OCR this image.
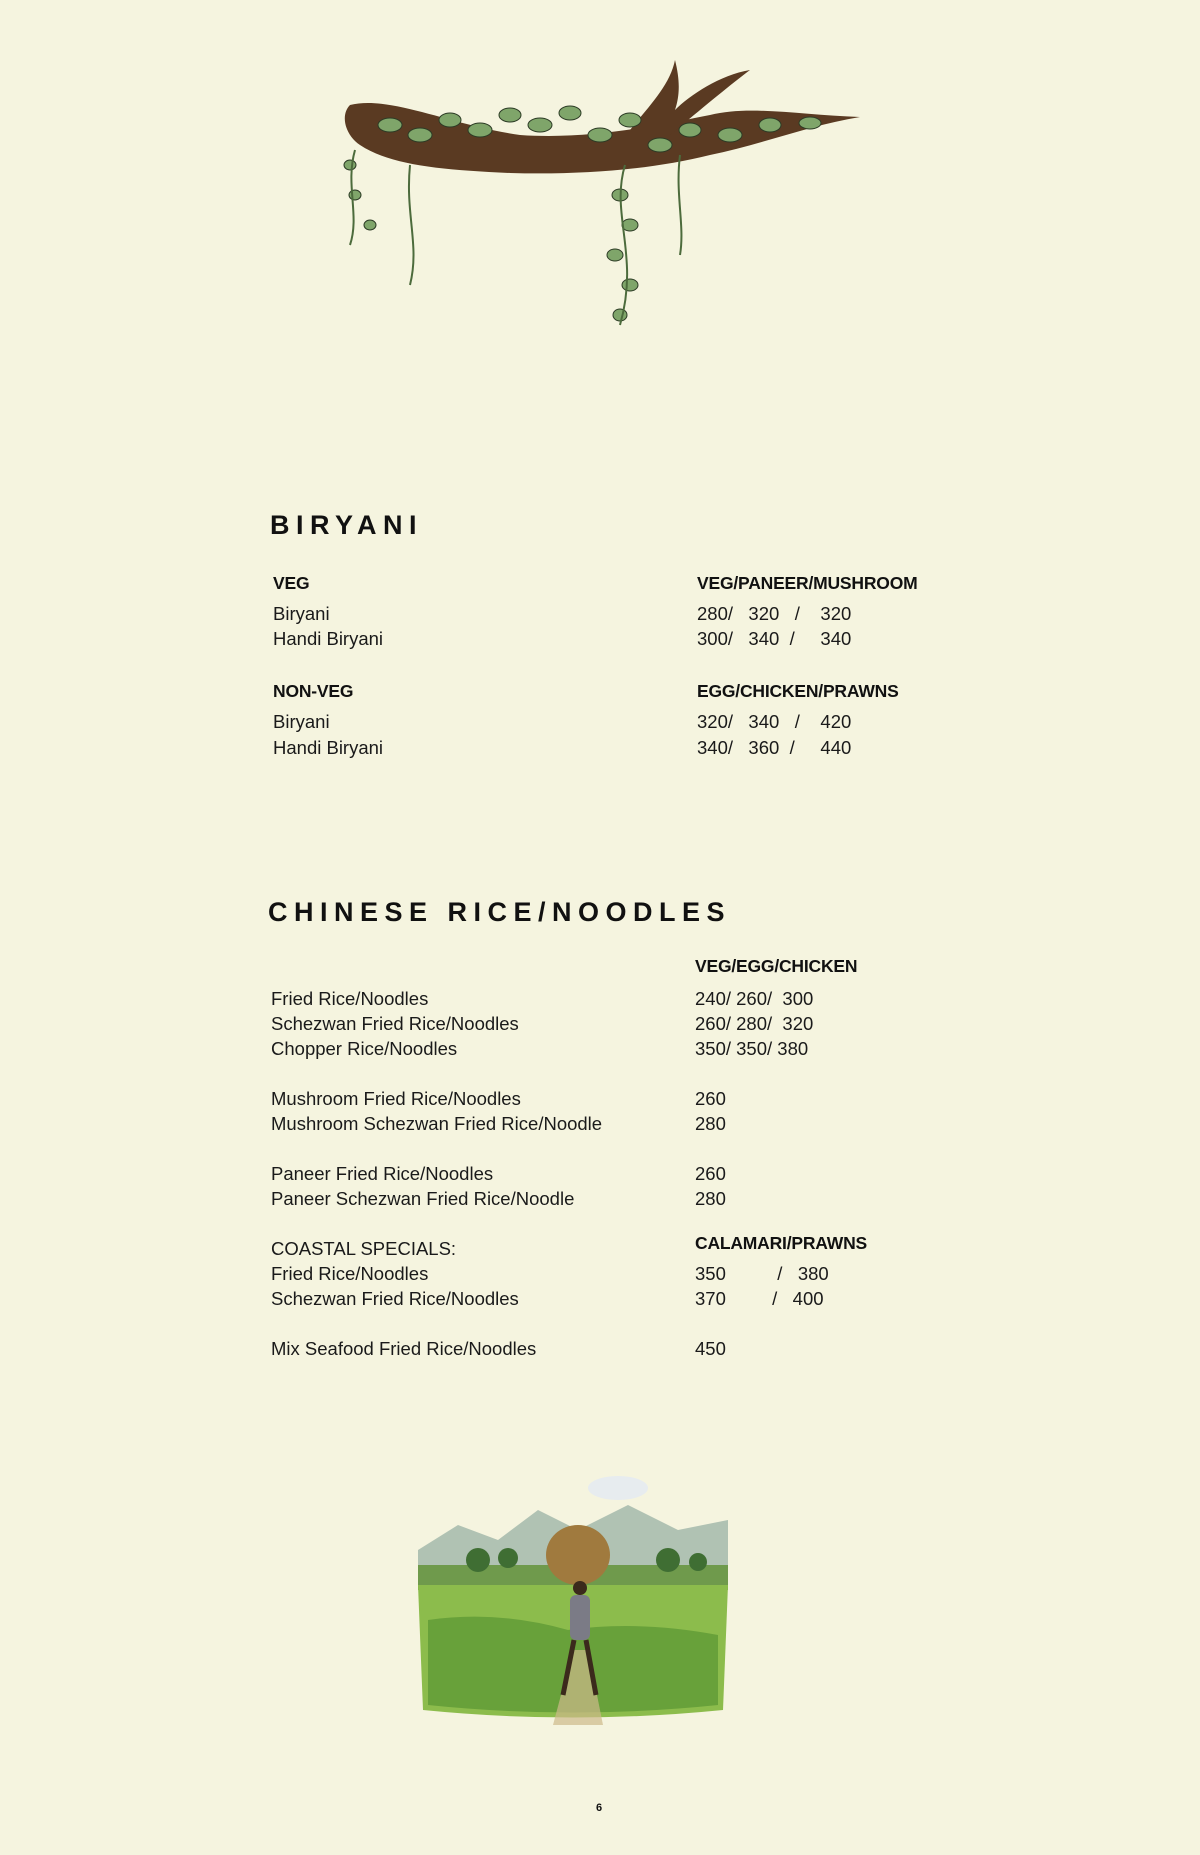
BIRYANI
VEG	VEG/PANEER/MUSHROOM
Biryani	280/   320   /    320
Handi Biryani	300/   340  /     340
NON-VEG	EGG/CHICKEN/PRAWNS
Biryani	320/   340   /    420
Handi Biryani	340/   360  /     440
CHINESE RICE/NOODLES
VEG/EGG/CHICKEN
Fried Rice/Noodles	240/ 260/  300
Schezwan Fried Rice/Noodles	260/ 280/  320
Chopper Rice/Noodles	350/ 350/ 380
Mushroom Fried Rice/Noodles	260
Mushroom Schezwan Fried Rice/Noodle	280
Paneer Fried Rice/Noodles	260
Paneer Schezwan Fried Rice/Noodle	280
COASTAL SPECIALS:	CALAMARI/PRAWNS
Fried Rice/Noodles	350          /   380
Schezwan Fried Rice/Noodles	370         /   400
Mix Seafood Fried Rice/Noodles	450
6
